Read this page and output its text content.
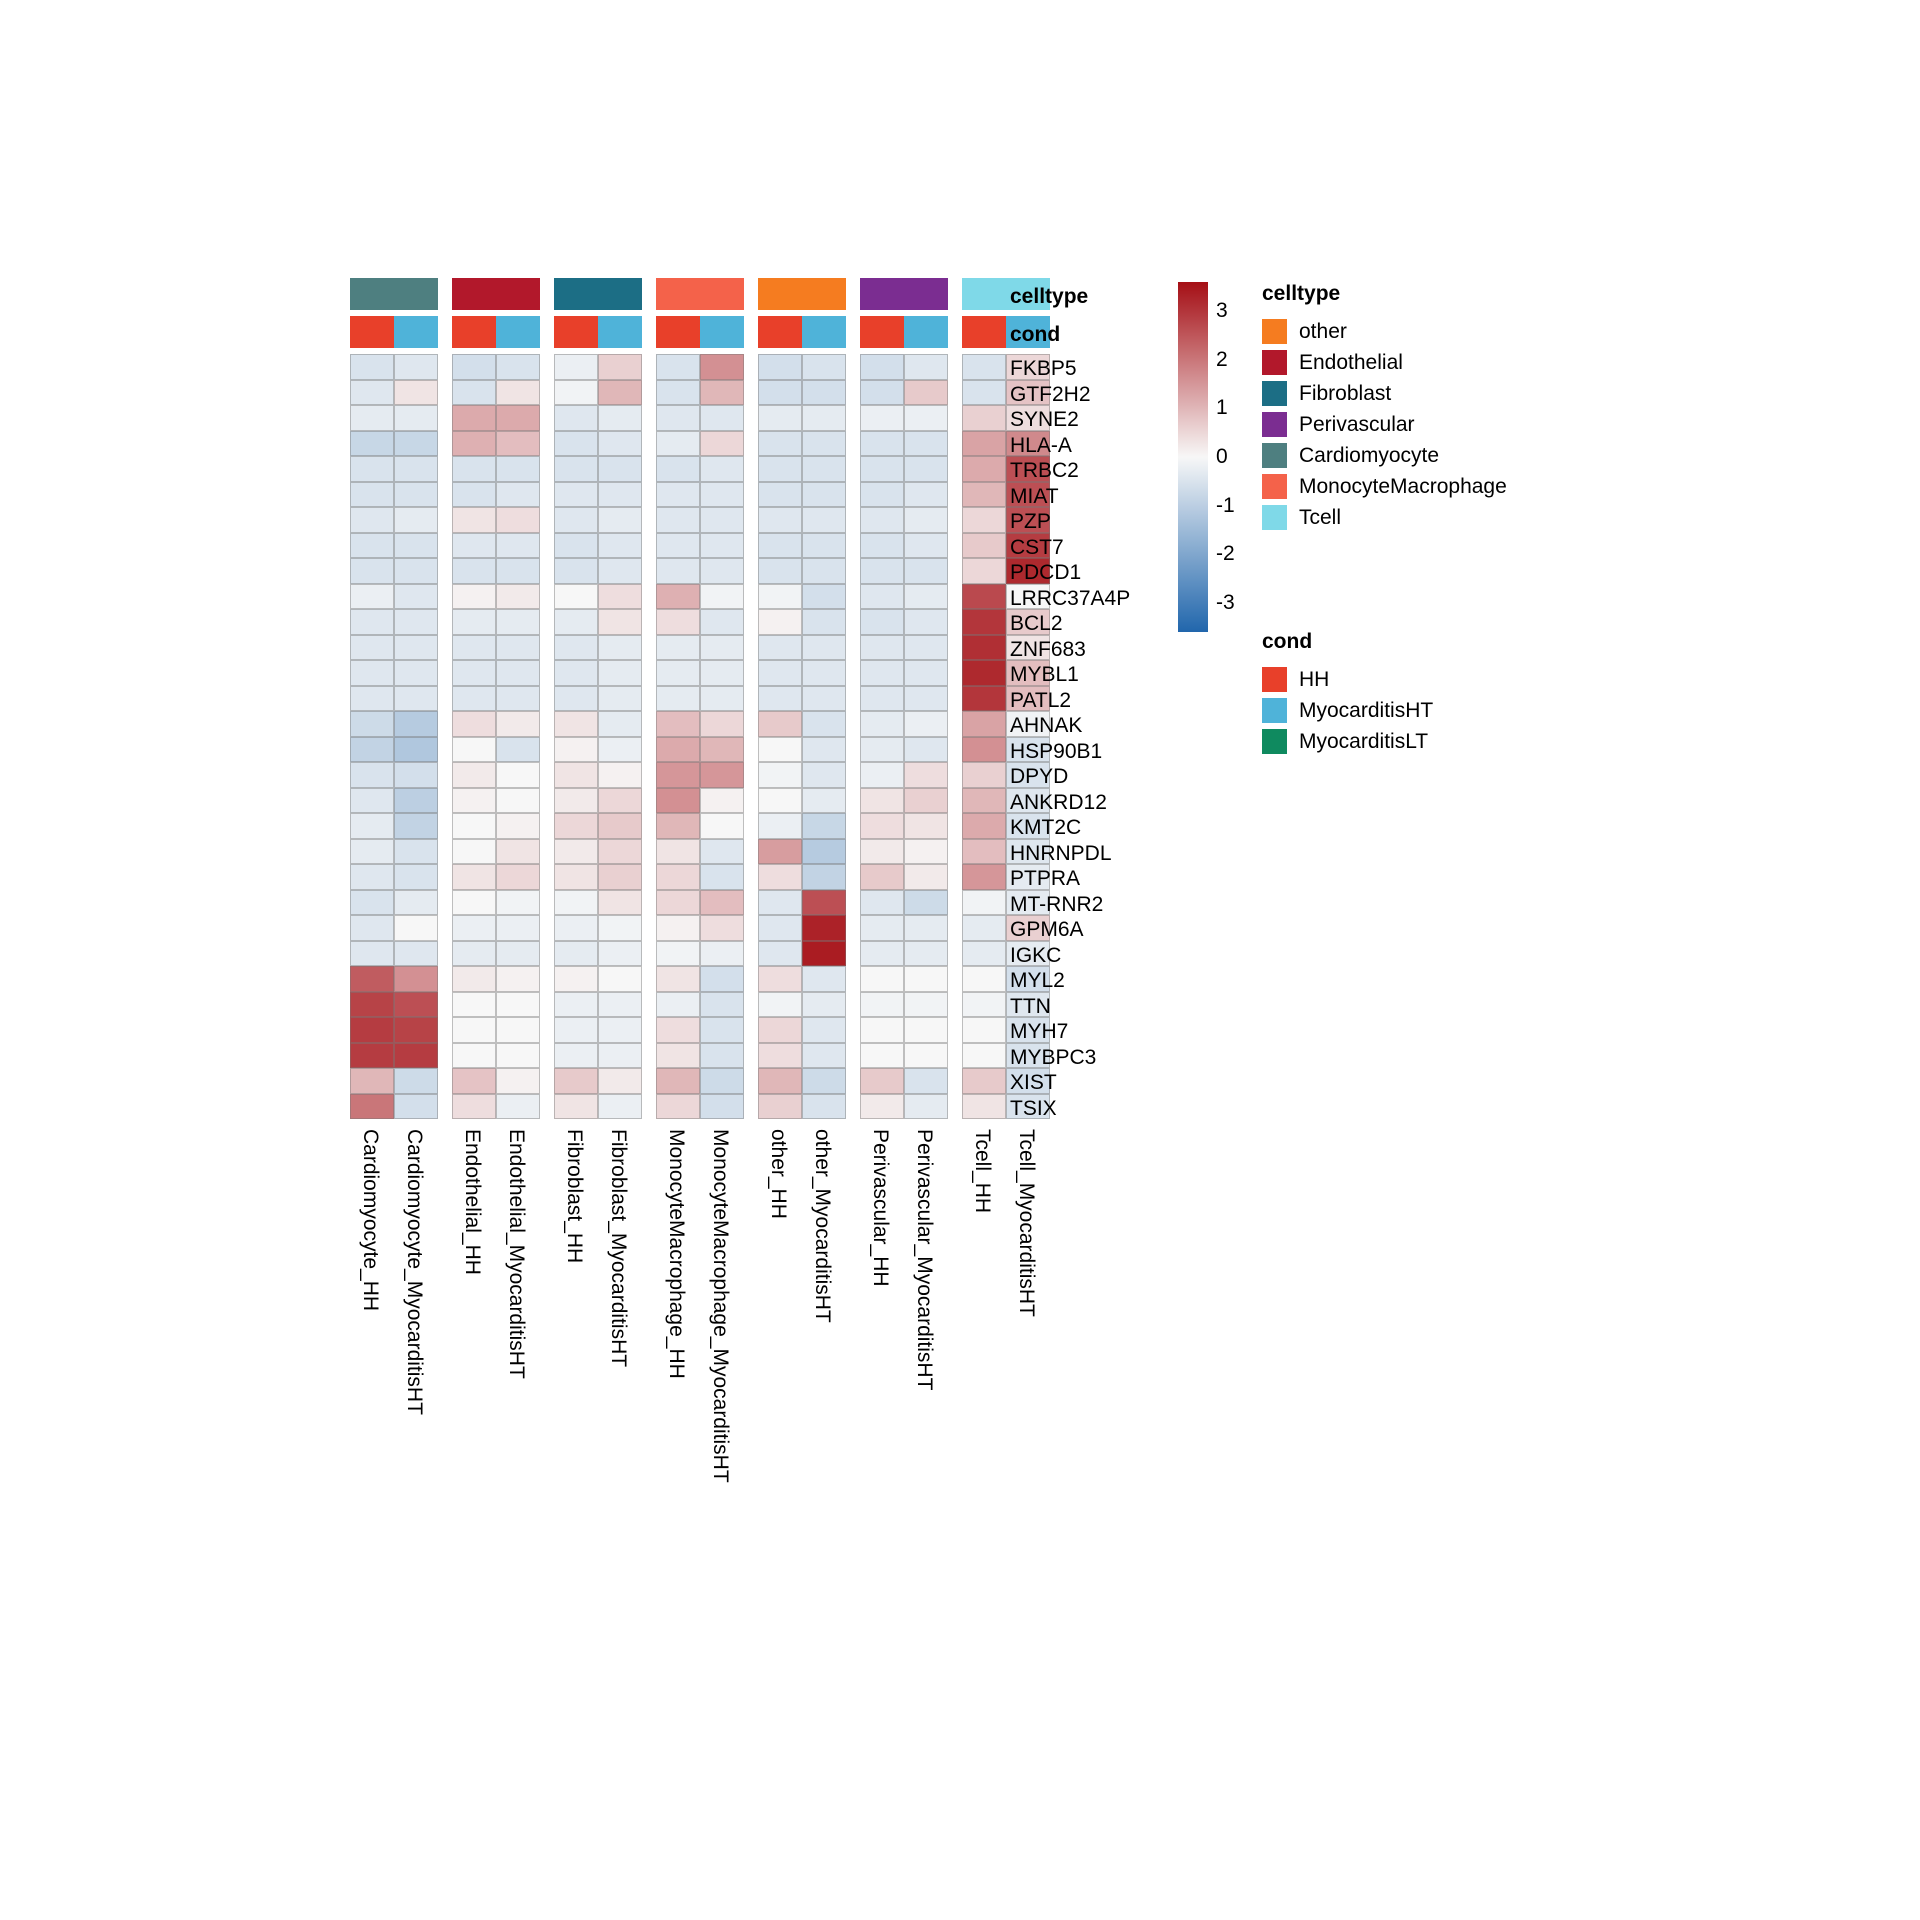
celltype
cond
FKBP5
GTF2H2
SYNE2
HLA-A
TRBC2
MIAT
PZP
CST7
PDCD1
LRRC37A4P
BCL2
ZNF683
MYBL1
PATL2
AHNAK
HSP90B1
DPYD
ANKRD12
KMT2C
HNRNPDL
PTPRA
MT-RNR2
GPM6A
IGKC
MYL2
TTN
MYH7
MYBPC3
XIST
TSIX
Cardiomyocyte_HH Cardiomyocyte_MyocarditisHT Endothelial_HH Endothelial_MyocarditisHT Fibroblast_HH Fibroblast_MyocarditisHT MonocyteMacrophage_HH MonocyteMacrophage_MyocarditisHT other_HH other_MyocarditisHT Perivascular_HH Perivascular_MyocarditisHT Tcell_HH Tcell_MyocarditisHT
3
2
1
0
-1
-2
-3
celltype
other
Endothelial
Fibroblast
Perivascular
Cardiomyocyte
MonocyteMacrophage
Tcell
cond
HH
MyocarditisHT
MyocarditisLT
